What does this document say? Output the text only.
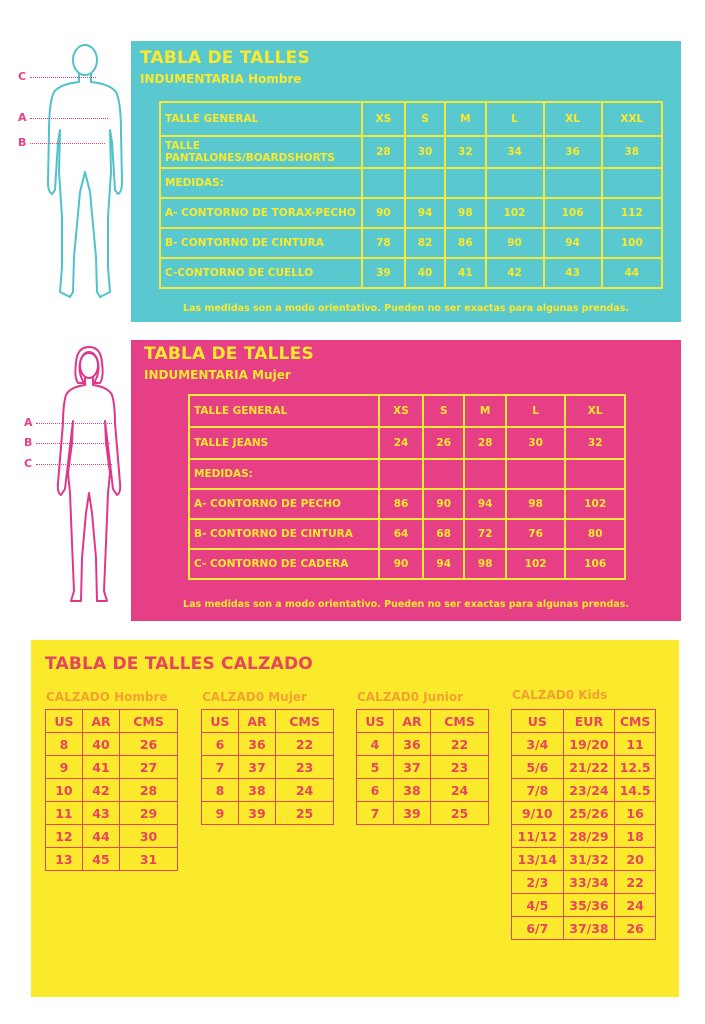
TABLA DE TALLES
INDUMENTARIA Hombre
TALLE GENERAL	XS	S	M	L	XL	XXL
TALLE PANTALONES/BOARDSHORTS	28	30	32	34	36	38
MEDIDAS:						
A- CONTORNO DE TORAX-PECHO	90	94	98	102	106	112
B- CONTORNO DE CINTURA	78	82	86	90	94	100
C-CONTORNO DE CUELLO	39	40	41	42	43	44
Las medidas son a modo orientativo. Pueden no ser exactas para algunas prendas.
C
A
B
TABLA DE TALLES
INDUMENTARIA Mujer
TALLE GENERAL	XS	S	M	L	XL
TALLE JEANS	24	26	28	30	32
MEDIDAS:					
A- CONTORNO DE PECHO	86	90	94	98	102
B- CONTORNO DE CINTURA	64	68	72	76	80
C- CONTORNO DE CADERA	90	94	98	102	106
Las medidas son a modo orientativo. Pueden no ser exactas para algunas prendas.
A
B
C
TABLA DE TALLES CALZADO
CALZADO Hombre
US	AR	CMS
8	40	26
9	41	27
10	42	28
11	43	29
12	44	30
13	45	31
CALZAD0 Mujer
US	AR	CMS
6	36	22
7	37	23
8	38	24
9	39	25
CALZAD0 Junior
US	AR	CMS
4	36	22
5	37	23
6	38	24
7	39	25
CALZAD0 Kids
US	EUR	CMS
3/4	19/20	11
5/6	21/22	12.5
7/8	23/24	14.5
9/10	25/26	16
11/12	28/29	18
13/14	31/32	20
2/3	33/34	22
4/5	35/36	24
6/7	37/38	26
